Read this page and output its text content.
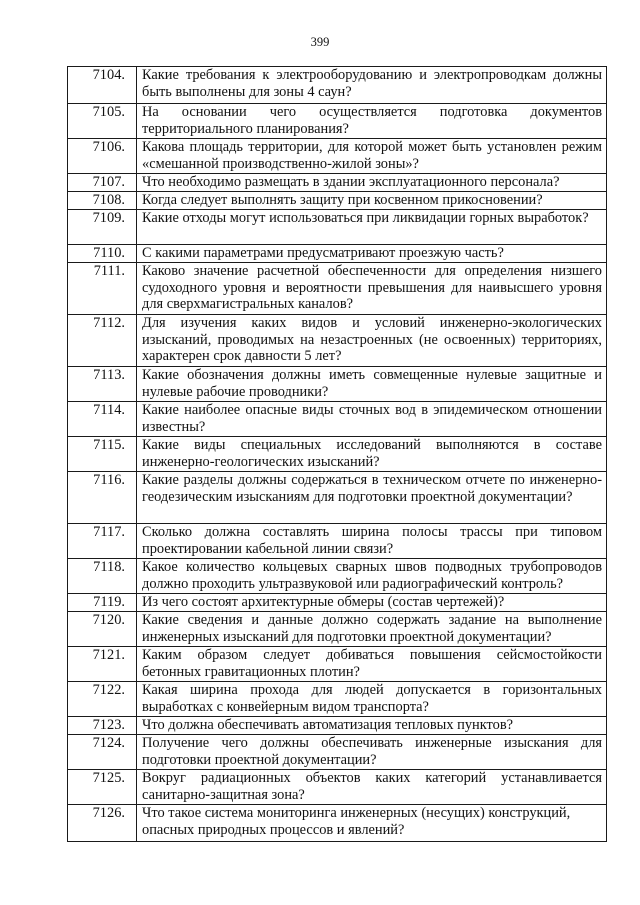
399
7104.	Какие требования к электрооборудованию и электропроводкам должны быть выполнены для зоны 4 саун?
7105.	На основании чего осуществляется подготовка документов территориального планирования?
7106.	Какова площадь территории, для которой может быть установлен режим «смешанной производственно-жилой зоны»?
7107.	Что необходимо размещать в здании эксплуатационного персонала?
7108.	Когда следует выполнять защиту при косвенном прикосновении?
7109.	Какие отходы могут использоваться при ликвидации горных выработок?
7110.	С какими параметрами предусматривают проезжую часть?
7111.	Каково значение расчетной обеспеченности для определения низшего судоходного уровня и вероятности превышения для наивысшего уровня для сверхмагистральных каналов?
7112.	Для изучения каких видов и условий инженерно-экологических изысканий, проводимых на незастроенных (не освоенных) территориях, характерен срок давности 5 лет?
7113.	Какие обозначения должны иметь совмещенные нулевые защитные и нулевые рабочие проводники?
7114.	Какие наиболее опасные виды сточных вод в эпидемическом отношении известны?
7115.	Какие виды специальных исследований выполняются в составе инженерно-геологических изысканий?
7116.	Какие разделы должны содержаться в техническом отчете по инженерно-геодезическим изысканиям для подготовки проектной документации?
7117.	Сколько должна составлять ширина полосы трассы при типовом проектировании кабельной линии связи?
7118.	Какое количество кольцевых сварных швов подводных трубопроводов должно проходить ультразвуковой или радиографический контроль?
7119.	Из чего состоят архитектурные обмеры (состав чертежей)?
7120.	Какие сведения и данные должно содержать задание на выполнение инженерных изысканий для подготовки проектной документации?
7121.	Каким образом следует добиваться повышения сейсмостойкости бетонных гравитационных плотин?
7122.	Какая ширина прохода для людей допускается в горизонтальных выработках с конвейерным видом транспорта?
7123.	Что должна обеспечивать автоматизация тепловых пунктов?
7124.	Получение чего должны обеспечивать инженерные изыскания для подготовки проектной документации?
7125.	Вокруг радиационных объектов каких категорий устанавливается санитарно-защитная зона?
7126.	Что такое система мониторинга инженерных (несущих) конструкций, опасных природных процессов и явлений?
